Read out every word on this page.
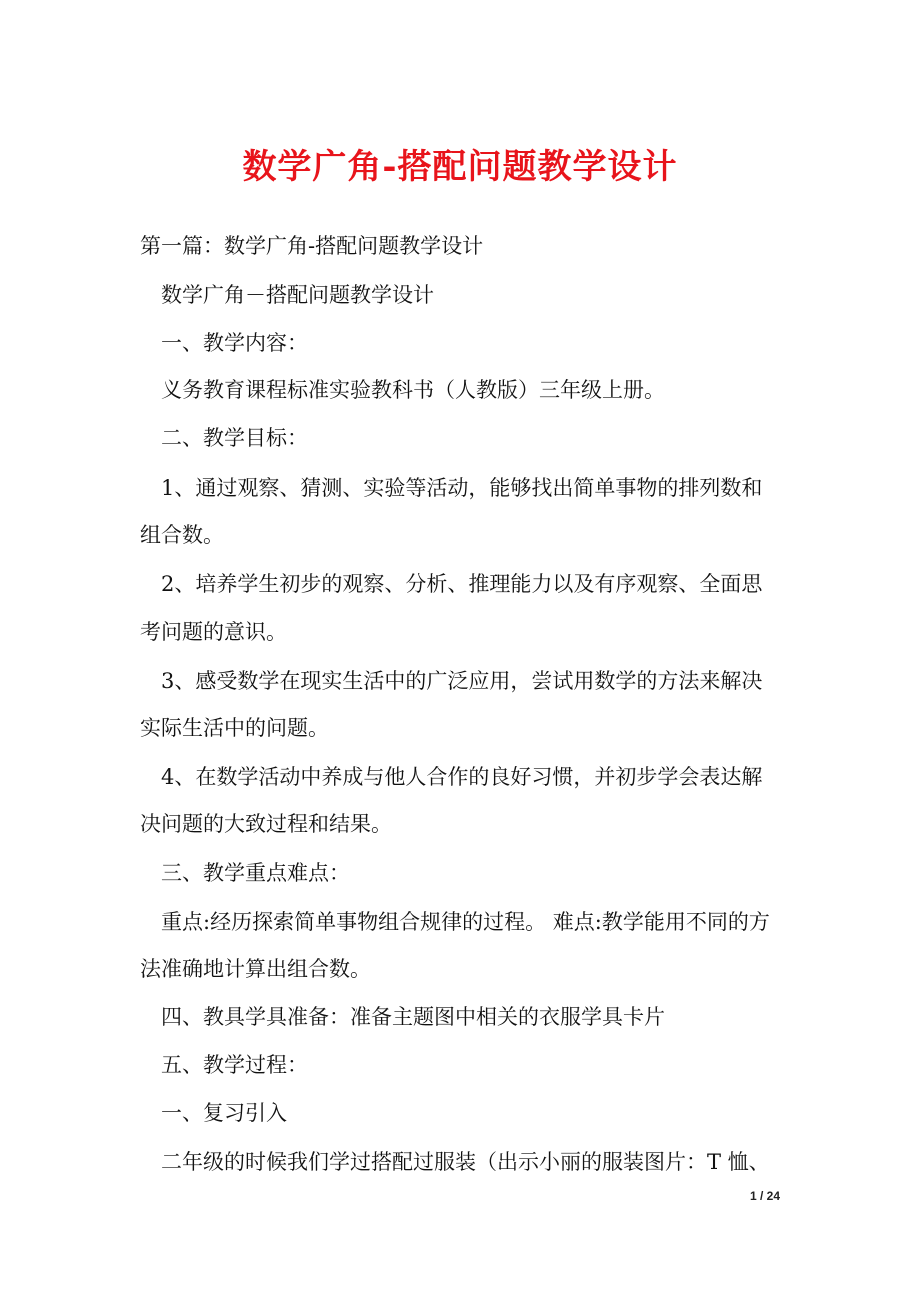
数学广角-搭配问题教学设计
第一篇：数学广角-搭配问题教学设计
数学广角－搭配问题教学设计
一、教学内容：
义务教育课程标准实验教科书（人教版）三年级上册。
二、教学目标：
1、通过观察、猜测、实验等活动，能够找出简单事物的排列数和
组合数。
2、培养学生初步的观察、分析、推理能力以及有序观察、全面思
考问题的意识。
3、感受数学在现实生活中的广泛应用，尝试用数学的方法来解决
实际生活中的问题。
4、在数学活动中养成与他人合作的良好习惯，并初步学会表达解
决问题的大致过程和结果。
三、教学重点难点：
重点:经历探索简单事物组合规律的过程。 难点:教学能用不同的方
法准确地计算出组合数。
四、教具学具准备：准备主题图中相关的衣服学具卡片
五、教学过程：
一、复习引入
二年级的时候我们学过搭配过服装（出示小丽的服装图片：T 恤、
1 / 24
